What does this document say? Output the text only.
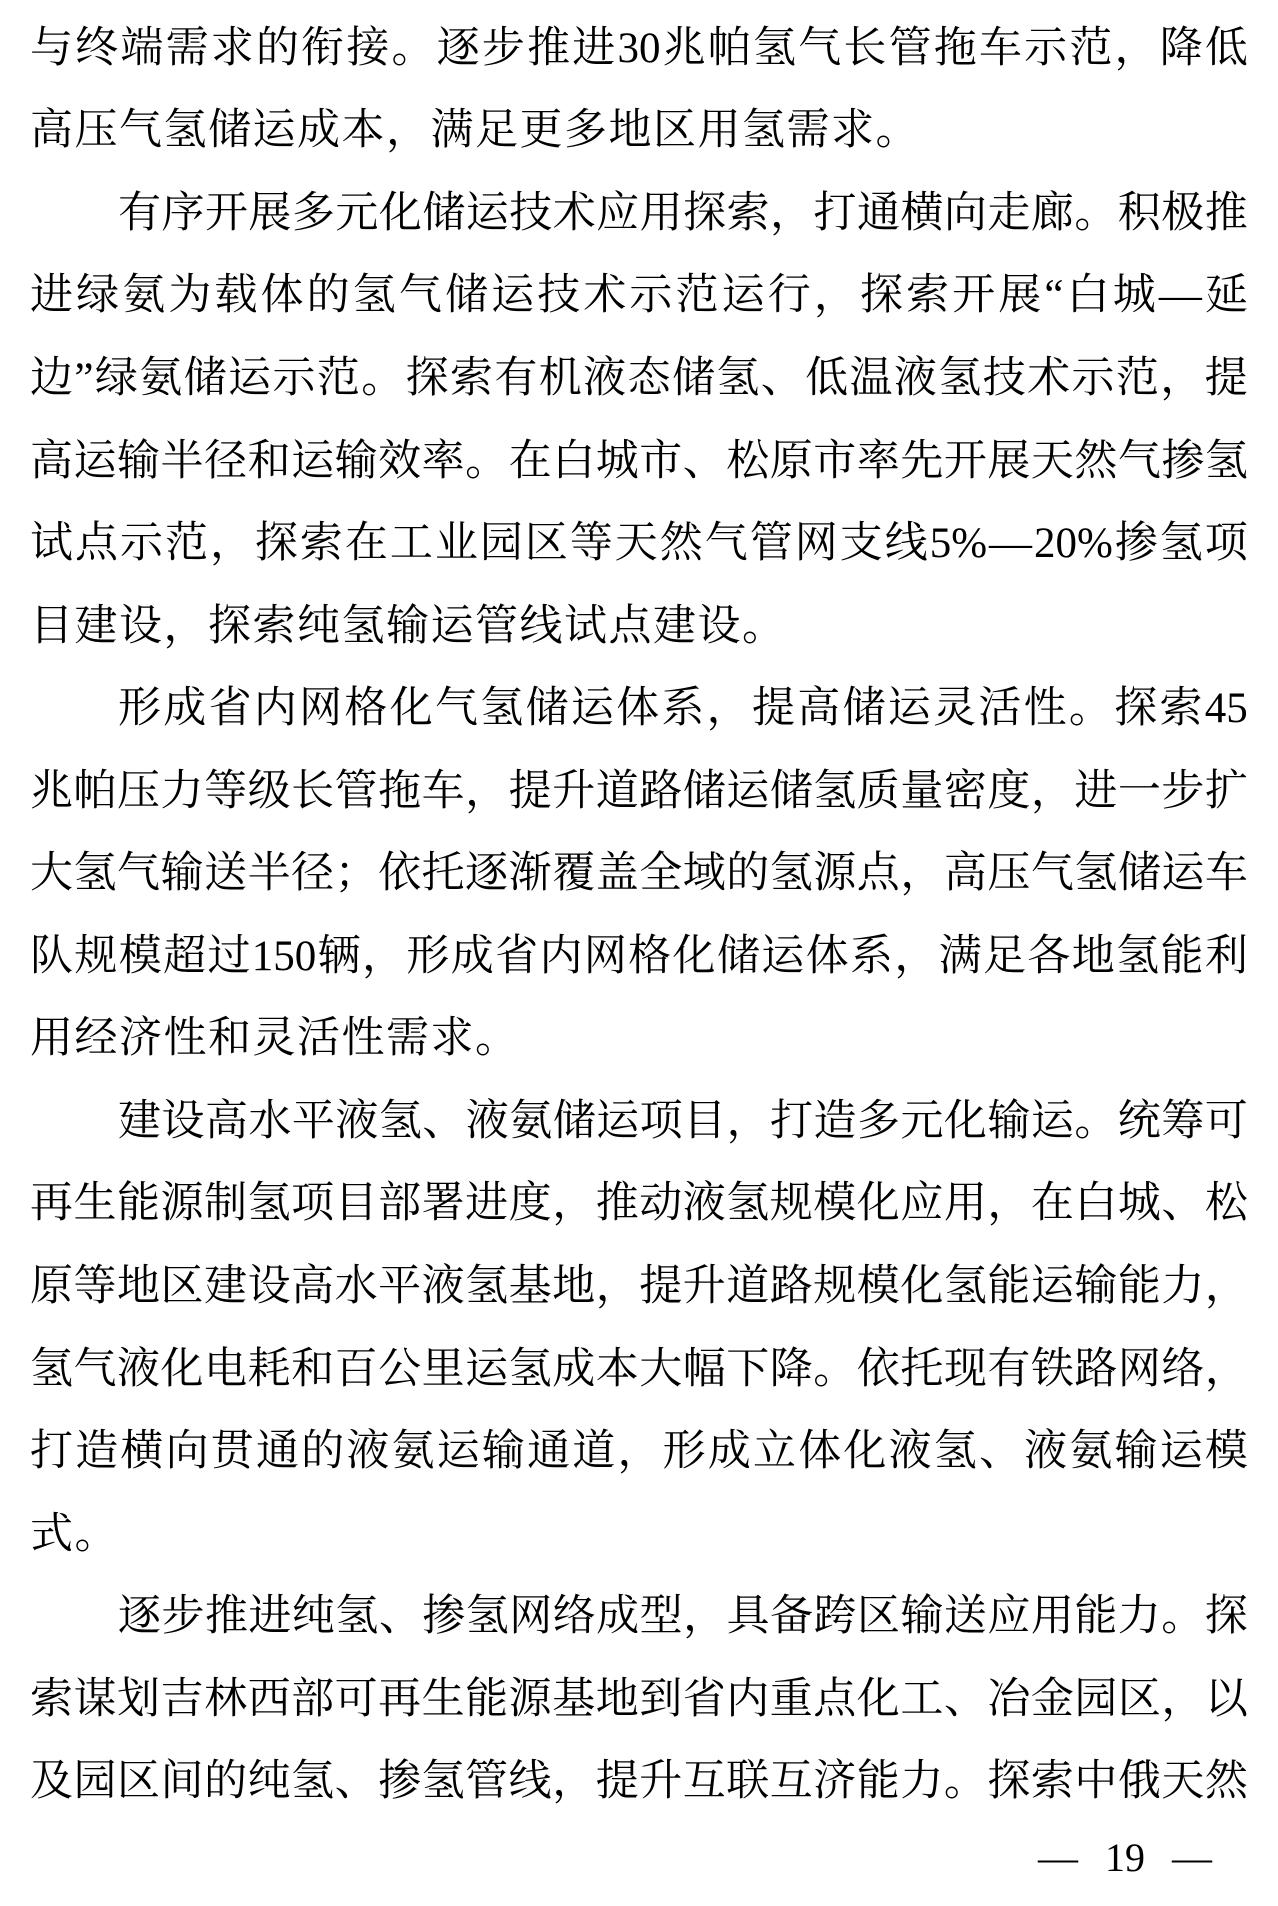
与 终 端 需 求 的 衔 接 。 逐 步 推 进 30 兆 帕 氢 气 长 管 拖 车 示 范 ， 降 低
高 压 气 氢 储 运 成 本 ， 满 足 更 多 地 区 用 氢 需 求 。
有 序 开 展 多 元 化 储 运 技 术 应 用 探 索 ， 打 通 横 向 走 廊 。 积 极 推
进 绿 氨 为 载 体 的 氢 气 储 运 技 术 示 范 运 行 ， 探 索 开 展 “ 白 城 — 延
边 ” 绿 氨 储 运 示 范 。 探 索 有 机 液 态 储 氢 、 低 温 液 氢 技 术 示 范 ， 提
高 运 输 半 径 和 运 输 效 率 。 在 白 城 市 、 松 原 市 率 先 开 展 天 然 气 掺 氢
试 点 示 范 ， 探 索 在 工 业 园 区 等 天 然 气 管 网 支 线 5% — 20% 掺 氢 项
目 建 设 ， 探 索 纯 氢 输 运 管 线 试 点 建 设 。
形 成 省 内 网 格 化 气 氢 储 运 体 系 ， 提 高 储 运 灵 活 性 。 探 索 45
兆 帕 压 力 等 级 长 管 拖 车 ， 提 升 道 路 储 运 储 氢 质 量 密 度 ， 进 一 步 扩
大 氢 气 输 送 半 径 ； 依 托 逐 渐 覆 盖 全 域 的 氢 源 点 ， 高 压 气 氢 储 运 车
队 规 模 超 过 150 辆 ， 形 成 省 内 网 格 化 储 运 体 系 ， 满 足 各 地 氢 能 利
用 经 济 性 和 灵 活 性 需 求 。
建 设 高 水 平 液 氢 、 液 氨 储 运 项 目 ， 打 造 多 元 化 输 运 。 统 筹 可
再 生 能 源 制 氢 项 目 部 署 进 度 ， 推 动 液 氢 规 模 化 应 用 ， 在 白 城 、 松
原 等 地 区 建 设 高 水 平 液 氢 基 地 ， 提 升 道 路 规 模 化 氢 能 运 输 能 力 ，
氢 气 液 化 电 耗 和 百 公 里 运 氢 成 本 大 幅 下 降 。 依 托 现 有 铁 路 网 络 ，
打 造 横 向 贯 通 的 液 氨 运 输 通 道 ， 形 成 立 体 化 液 氢 、 液 氨 输 运 模
式 。
逐 步 推 进 纯 氢 、 掺 氢 网 络 成 型 ， 具 备 跨 区 输 送 应 用 能 力 。 探
索 谋 划 吉 林 西 部 可 再 生 能 源 基 地 到 省 内 重 点 化 工 、 冶 金 园 区 ， 以
及 园 区 间 的 纯 氢 、 掺 氢 管 线 ， 提 升 互 联 互 济 能 力 。 探 索 中 俄 天 然
— 19 —
